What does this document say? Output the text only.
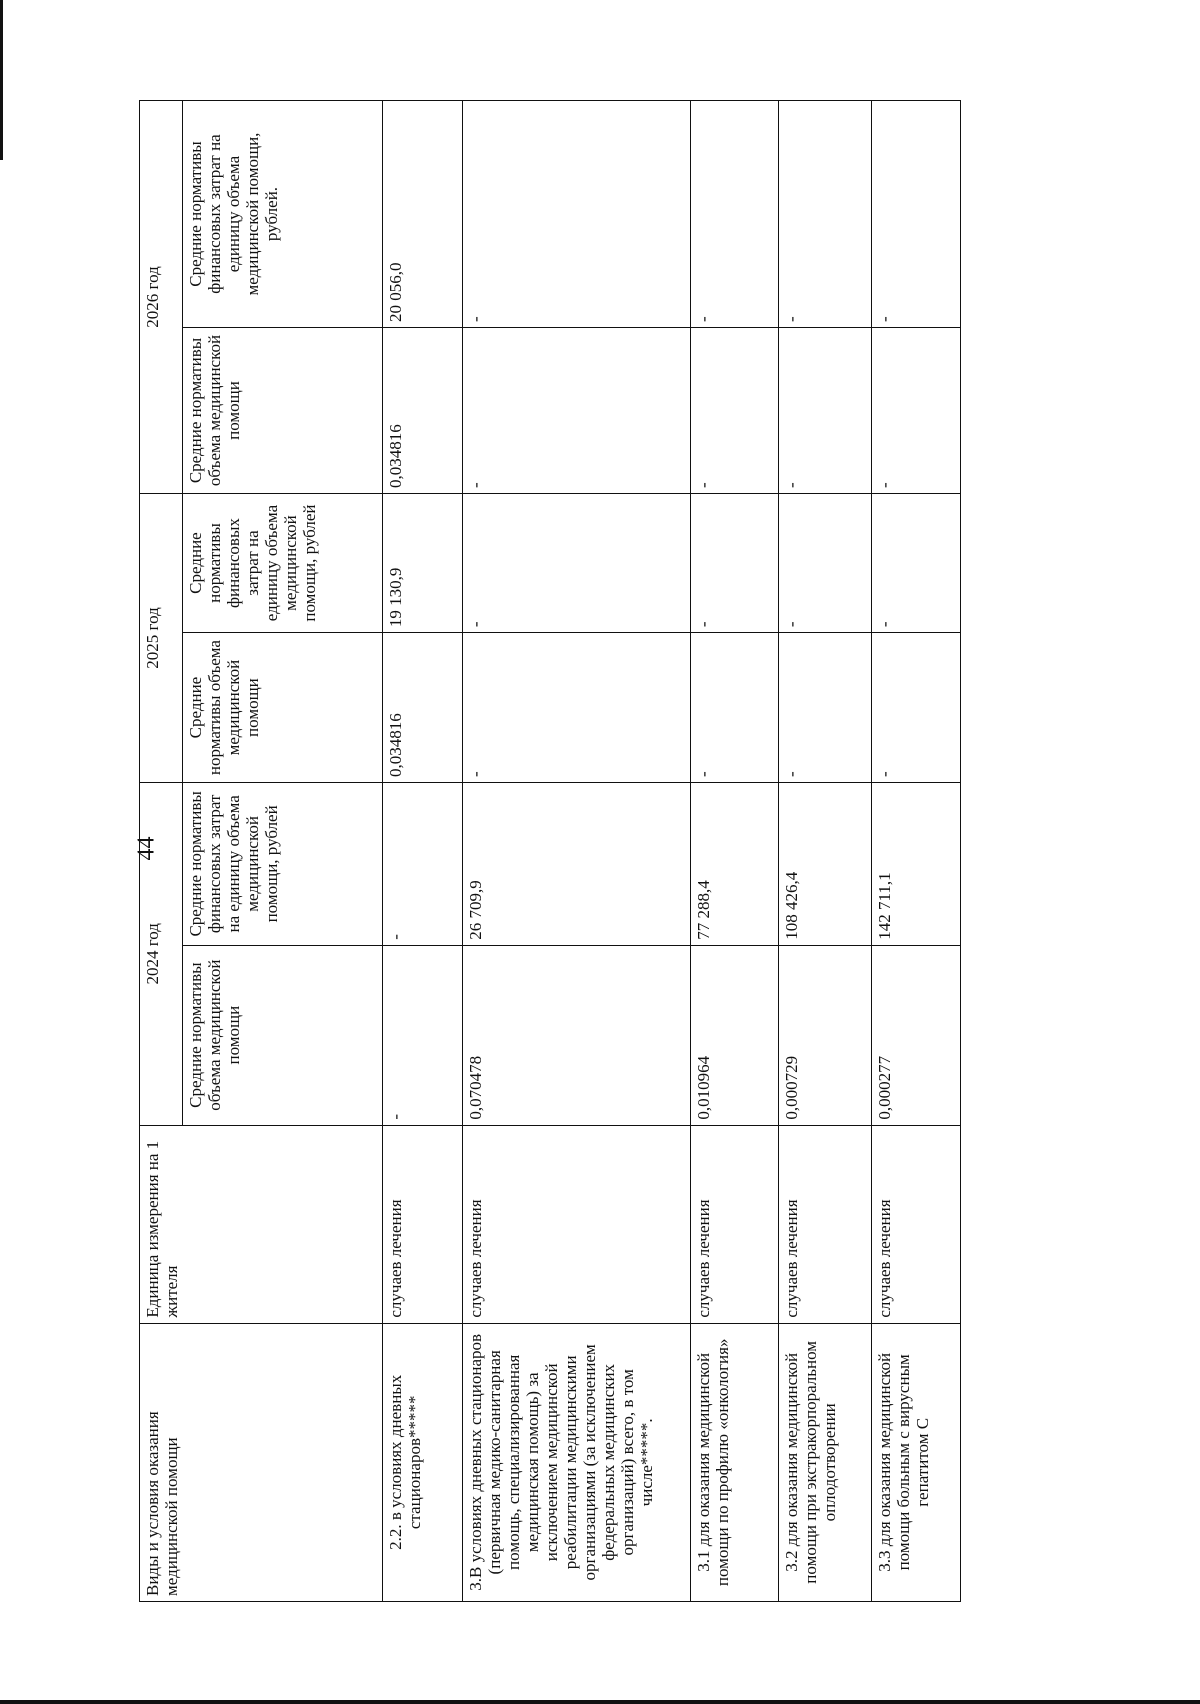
44
Виды и условия оказания медицинской помощи	Единица измерения на 1 жителя	2024 год		2025 год		2026 год	
		Средние нормативы объема медицинской помощи	Средние нормативы финансовых затрат на единицу объема медицинской помощи, рублей	Средние нормативы объема медицинской помощи	Средние нормативы финансовых затрат на единицу объема медицинской помощи, рублей	Средние нормативы объема медицинской помощи	Средние нормативы финансовых затрат на единицу объема медицинской помощи, рублей.
2.2. в условиях дневных стационаров*****	случаев лечения	-	-	0,034816	19 130,9	0,034816	20 056,0
3.В условиях дневных стационаров (первичная медико-санитарная помощь, специализированная медицинская помощь) за исключением медицинской реабилитации медицинскими организациями (за исключением федеральных медицинских организаций) всего, в том числе*****.	случаев лечения	0,070478	26 709,9	-	-	-	-
3.1 для оказания медицинской помощи по профилю «онкология»	случаев лечения	0,010964	77 288,4	-	-	-	-
3.2 для оказания медицинской помощи при экстракорпоральном оплодотворении	случаев лечения	0,000729	108 426,4	-	-	-	-
3.3 для оказания медицинской помощи больным с вирусным гепатитом С	случаев лечения	0,000277	142 711,1	-	-	-	-
